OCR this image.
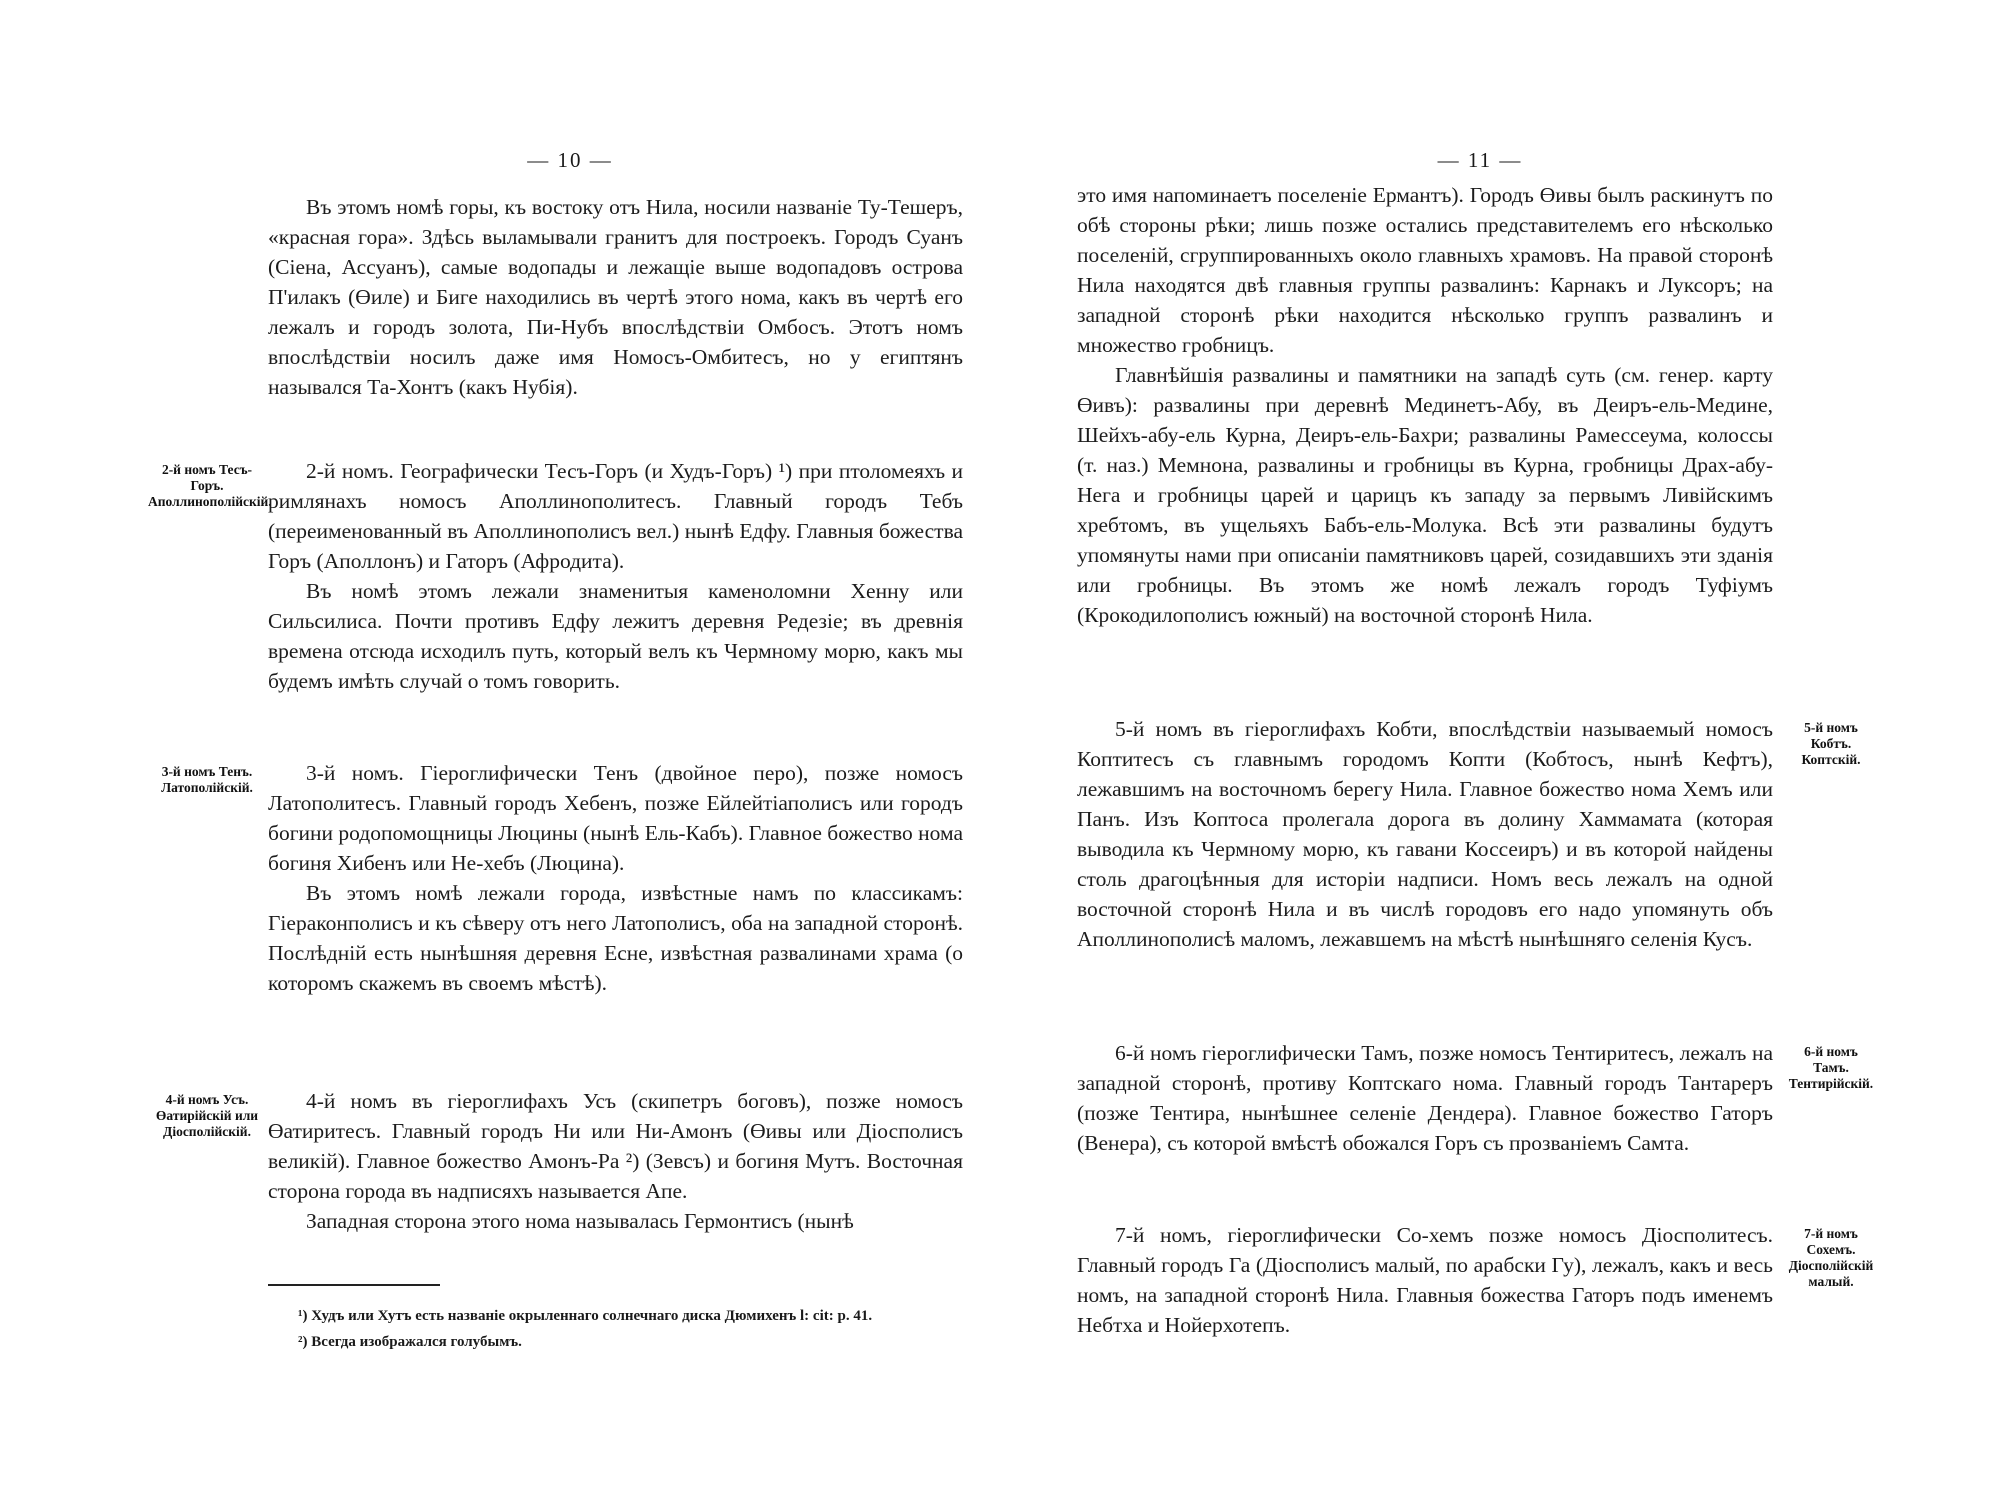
— 10 —

Въ этомъ номѣ горы, къ востоку отъ Нила, носили названіе Ту-Тешеръ, «красная гора». Здѣсь выламывали гранитъ для построекъ. Городъ Суанъ (Сіена, Ассуанъ), самые водопады и лежащіе выше водопадовъ острова П'илакъ (Өиле) и Биге находились въ чертѣ этого нома, какъ въ чертѣ его лежалъ и городъ золота, Пи-Нубъ впослѣдствіи Омбосъ. Этотъ номъ впослѣдствіи носилъ даже имя Номосъ-Омбитесъ, но у египтянъ назывался Та-Хонтъ (какъ Нубія).

2-й номъ Тесъ-Горъ. Аполлинополійскій.

2-й номъ. Географически Тесъ-Горъ (и Худъ-Горъ) ¹) при птоломеяхъ и римлянахъ номосъ Аполлинополитесъ. Главный городъ Тебъ (переименованный въ Аполлинополисъ вел.) нынѣ Едфу. Главныя божества Горъ (Аполлонъ) и Гаторъ (Афродита).

Въ номѣ этомъ лежали знаменитыя каменоломни Хенну или Сильсилиса. Почти противъ Едфу лежитъ деревня Редезіе; въ древнія времена отсюда исходилъ путь, который велъ къ Чермному морю, какъ мы будемъ имѣть случай о томъ говорить.

3-й номъ Тенъ. Латополійскій.

3-й номъ. Гіероглифически Тенъ (двойное перо), позже номосъ Латополитесъ. Главный городъ Хебенъ, позже Ейлейтіаполисъ или городъ богини родопомощницы Люцины (нынѣ Ель-Кабъ). Главное божество нома богиня Хибенъ или Не-хебъ (Люцина).

Въ этомъ номѣ лежали города, извѣстные намъ по классикамъ: Гіераконполисъ и къ сѣверу отъ него Латополисъ, оба на западной сторонѣ. Послѣдній есть нынѣшняя деревня Есне, извѣстная развалинами храма (о которомъ скажемъ въ своемъ мѣстѣ).

4-й номъ Усъ. Өатирійскій или Діосполійскій.

4-й номъ въ гіероглифахъ Усъ (скипетръ боговъ), позже номосъ Өатиритесъ. Главный городъ Ни или Ни-Амонъ (Өивы или Діосполисъ великій). Главное божество Амонъ-Ра ²) (Зевсъ) и богиня Мутъ. Восточная сторона города въ надписяхъ называется Апе.

Западная сторона этого нома называлась Гермонтисъ (нынѣ

¹) Худъ или Хутъ есть названіе окрыленнаго солнечнаго диска Дюмихенъ l: cit: p. 41.

²) Всегда изображался голубымъ.

— 11 —

это имя напоминаетъ поселеніе Ермантъ). Городъ Өивы былъ раскинутъ по обѣ стороны рѣки; лишь позже остались представителемъ его нѣсколько поселеній, сгруппированныхъ около главныхъ храмовъ. На правой сторонѣ Нила находятся двѣ главныя группы развалинъ: Карнакъ и Луксоръ; на западной сторонѣ рѣки находится нѣсколько группъ развалинъ и множество гробницъ.

Главнѣйшія развалины и памятники на западѣ суть (см. генер. карту Өивъ): развалины при деревнѣ Мединетъ-Абу, въ Деиръ-ель-Медине, Шейхъ-абу-ель Курна, Деиръ-ель-Бахри; развалины Рамессеума, колоссы (т. наз.) Мемнона, развалины и гробницы въ Курна, гробницы Драх-абу-Нега и гробницы царей и царицъ къ западу за первымъ Ливійскимъ хребтомъ, въ ущельяхъ Бабъ-ель-Молука. Всѣ эти развалины будутъ упомянуты нами при описаніи памятниковъ царей, созидавшихъ эти зданія или гробницы. Въ этомъ же номѣ лежалъ городъ Туфіумъ (Крокодилополисъ южный) на восточной сторонѣ Нила.

5-й номъ Кобтъ. Коптскій.

5-й номъ въ гіероглифахъ Кобти, впослѣдствіи называемый номосъ Коптитесъ съ главнымъ городомъ Копти (Кобтосъ, нынѣ Кефтъ), лежавшимъ на восточномъ берегу Нила. Главное божество нома Хемъ или Панъ. Изъ Коптоса пролегала дорога въ долину Хаммамата (которая выводила къ Чермному морю, къ гавани Коссеиръ) и въ которой найдены столь драгоцѣнныя для исторіи надписи. Номъ весь лежалъ на одной восточной сторонѣ Нила и въ числѣ городовъ его надо упомянуть объ Аполлинополисѣ маломъ, лежавшемъ на мѣстѣ нынѣшняго селенія Кусъ.

6-й номъ Тамъ. Тентирійскій.

6-й номъ гіероглифически Тамъ, позже номосъ Тентиритесъ, лежалъ на западной сторонѣ, противу Коптскаго нома. Главный городъ Тантареръ (позже Тентира, нынѣшнее селеніе Дендера). Главное божество Гаторъ (Венера), съ которой вмѣстѣ обожался Горъ съ прозваніемъ Самта.

7-й номъ Сохемъ. Діосполійскій малый.

7-й номъ, гіероглифически Со-хемъ позже номосъ Діосполитесъ. Главный городъ Га (Діосполисъ малый, по арабски Гу), лежалъ, какъ и весь номъ, на западной сторонѣ Нила. Главныя божества Гаторъ подъ именемъ Небтха и Нойерхотепъ.
